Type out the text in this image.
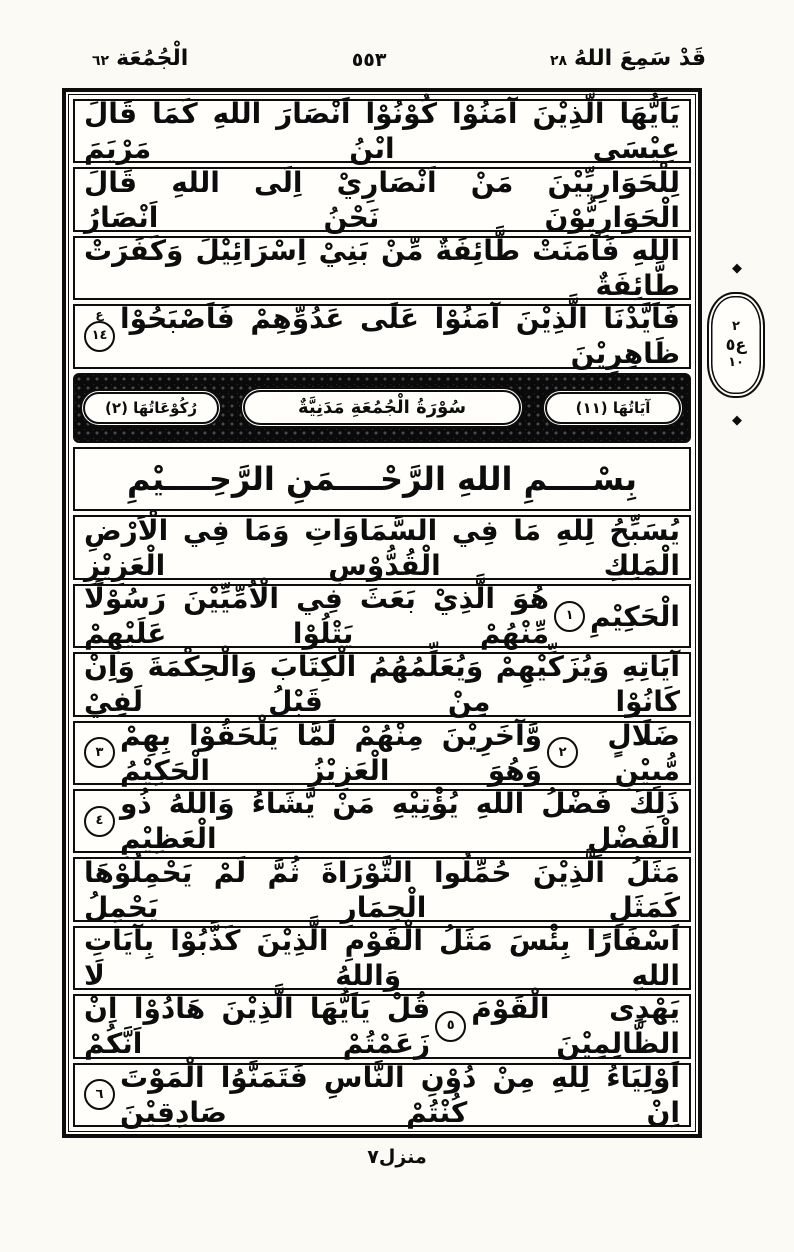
الْجُمُعَة
٦٢	٥٥٣	قَدْ سَمِعَ اللهُ
٢٨
يَاَيُّهَا الَّذِيْنَ آمَنُوْا كُوْنُوْا اَنْصَارَ اللهِ كَمَا قَالَ عِيْسَى ابْنُ مَرْيَمَ
لِلْحَوَارِيِّيْنَ مَنْ اَنْصَارِيْ اِلَى اللهِ قَالَ الْحَوَارِيُّوْنَ نَحْنُ اَنْصَارُ
اللهِ فَآمَنَتْ طَّائِفَةٌ مِّنْ بَنِيْ اِسْرَائِيْلَ وَكَفَرَتْ طَّائِفَةٌ
فَاَيَّدْنَا الَّذِيْنَ آمَنُوْا عَلَى عَدُوِّهِمْ فَاَصْبَحُوْا ظَاهِرِيْنَ
١٤
ع
آيَاتُهَا (١١)
سُوْرَةُ الْجُمُعَةِ مَدَنِيَّةٌ
رُكُوْعَاتُهَا (٢)
بِسْــــمِ اللهِ الرَّحْــــمَنِ الرَّحِــــيْمِ
يُسَبِّحُ لِلهِ مَا فِي السَّمَاوَاتِ وَمَا فِي الْاَرْضِ الْمَلِكِ الْقُدُّوْسِ الْعَزِيْزِ
الْحَكِيْمِ
١
هُوَ الَّذِيْ بَعَثَ فِي الْاُمِّيِّيْنَ رَسُوْلًا مِّنْهُمْ يَتْلُوْا عَلَيْهِمْ
آيَاتِهِ وَيُزَكِّيْهِمْ وَيُعَلِّمُهُمُ الْكِتَابَ وَالْحِكْمَةَ وَاِنْ كَانُوْا مِنْ قَبْلُ لَفِيْ
ضَلَالٍ مُّبِيْنٍ
٢
وَّآخَرِيْنَ مِنْهُمْ لَمَّا يَلْحَقُوْا بِهِمْ وَهُوَ الْعَزِيْزُ الْحَكِيْمُ
٣
ذَلِكَ فَضْلُ اللهِ يُؤْتِيْهِ مَنْ يَّشَاءُ وَاللهُ ذُو الْفَضْلِ الْعَظِيْمِ
٤
مَثَلُ الَّذِيْنَ حُمِّلُوا التَّوْرَاةَ ثُمَّ لَمْ يَحْمِلُوْهَا كَمَثَلِ الْحِمَارِ يَحْمِلُ
اَسْفَارًا بِئْسَ مَثَلُ الْقَوْمِ الَّذِيْنَ كَذَّبُوْا بِآيَاتِ اللهِ وَاللهُ لَا
يَهْدِى الْقَوْمَ الظَّالِمِيْنَ
٥
قُلْ يَاَيُّهَا الَّذِيْنَ هَادُوْا اِنْ زَعَمْتُمْ اَنَّكُمْ
اَوْلِيَاءُ لِلهِ مِنْ دُوْنِ النَّاسِ فَتَمَنَّوُا الْمَوْتَ اِنْ كُنْتُمْ صَادِقِيْنَ
٦
◆
٢
ع٥
١٠
◆
منزل٧
